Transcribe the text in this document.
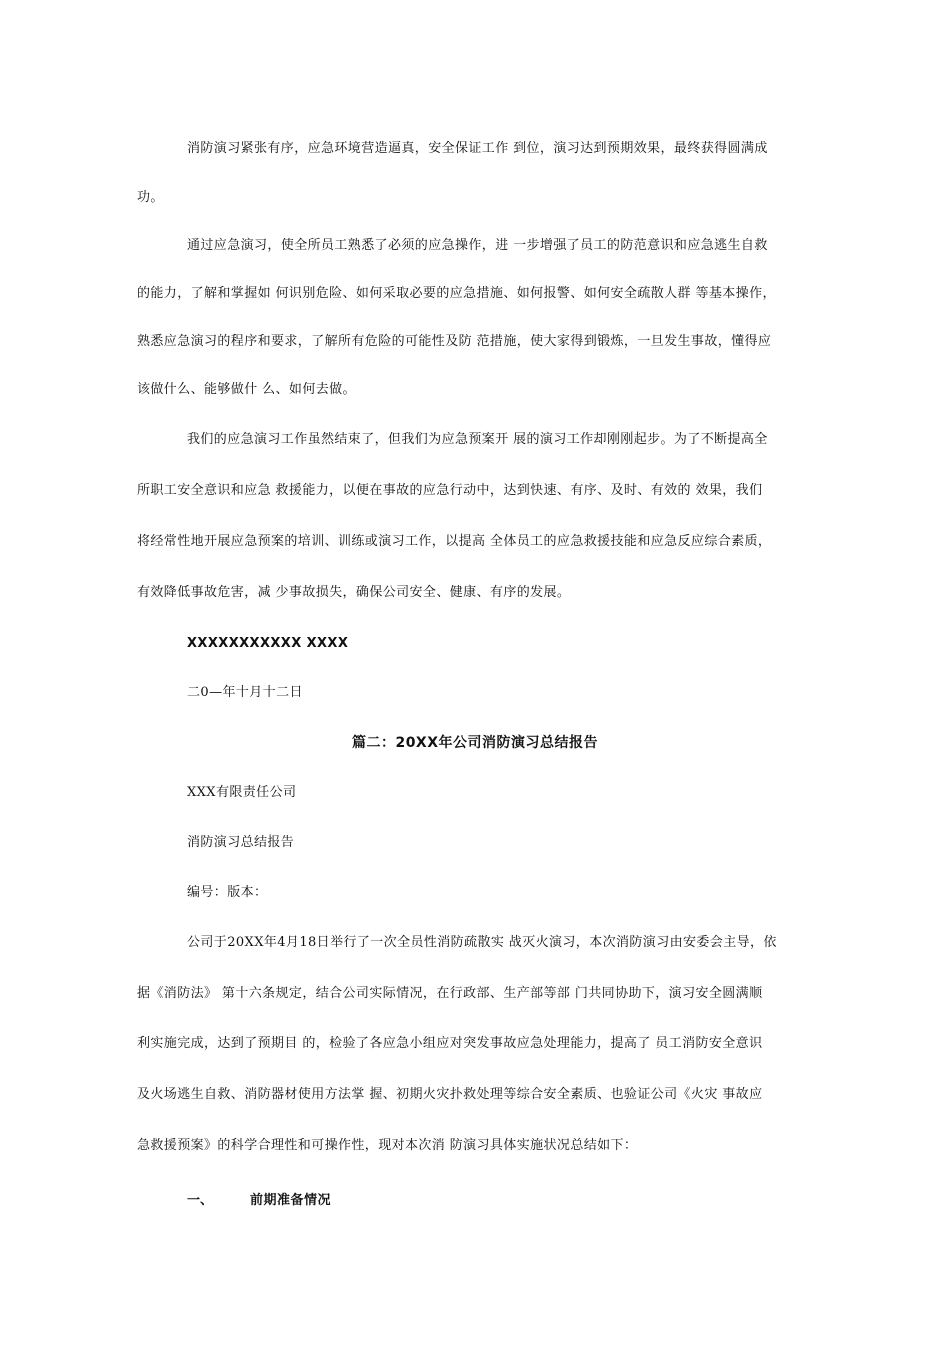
消防演习紧张有序，应急环境营造逼真，安全保证工作 到位，演习达到预期效果，最终获得圆满成
功。
通过应急演习，使全所员工熟悉了必须的应急操作，进 一步增强了员工的防范意识和应急逃生自救
的能力，了解和掌握如 何识别危险、如何采取必要的应急措施、如何报警、如何安全疏散人群 等基本操作，
熟悉应急演习的程序和要求，了解所有危险的可能性及防 范措施，使大家得到锻炼，一旦发生事故，懂得应
该做什么、能够做什 么、如何去做。
我们的应急演习工作虽然结束了，但我们为应急预案开 展的演习工作却刚刚起步。为了不断提高全
所职工安全意识和应急 救援能力，以便在事故的应急行动中，达到快速、有序、及时、有效的 效果，我们
将经常性地开展应急预案的培训、训练或演习工作，以提高 全体员工的应急救援技能和应急反应综合素质，
有效降低事故危害，减 少事故损失，确保公司安全、健康、有序的发展。
XXXXXXXXXXX XXXX
二0—年十月十二日
篇二：20XX年公司消防演习总结报告
XXX有限责任公司
消防演习总结报告
编号：版本：
公司于20XX年4月18日举行了一次全员性消防疏散实 战灭火演习，本次消防演习由安委会主导，依
据《消防法》 第十六条规定，结合公司实际情况，在行政部、生产部等部 门共同协助下，演习安全圆满顺
利实施完成，达到了预期目 的，检验了各应急小组应对突发事故应急处理能力，提高了 员工消防安全意识
及火场逃生自救、消防器材使用方法掌 握、初期火灾扑救处理等综合安全素质、也验证公司《火灾 事故应
急救援预案》的科学合理性和可操作性，现对本次消 防演习具体实施状况总结如下：
一、	前期准备情况
